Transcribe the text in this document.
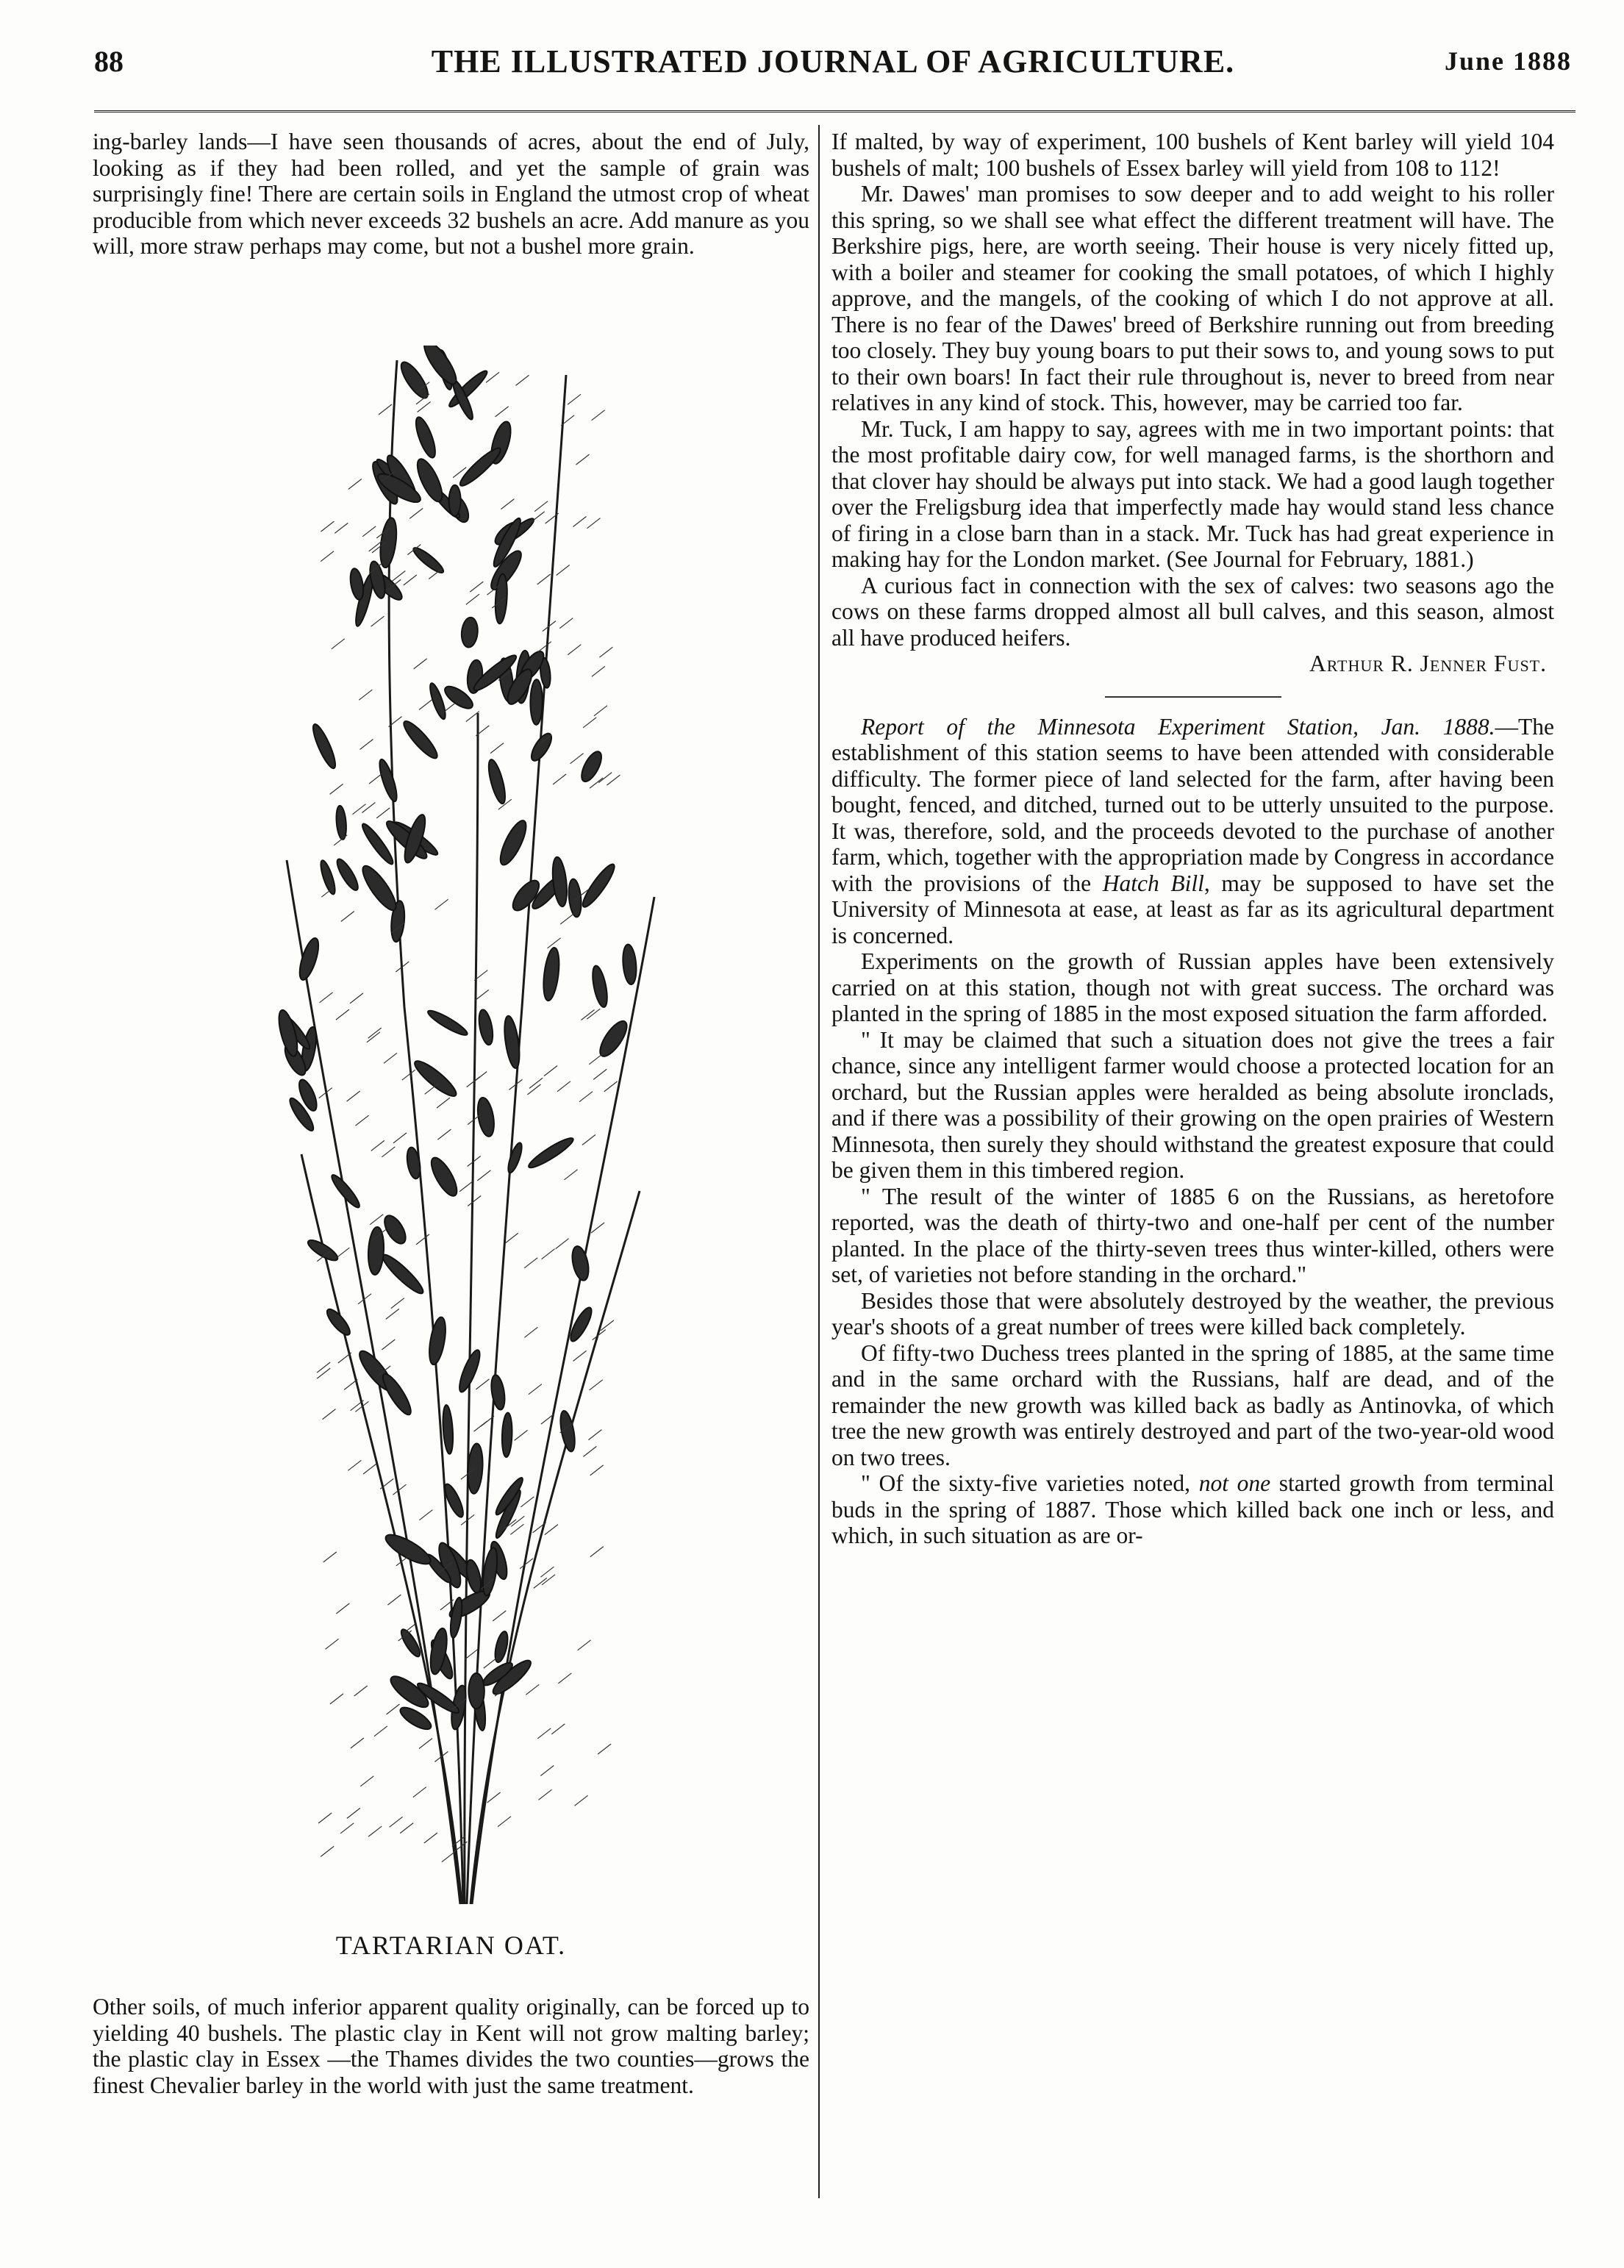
88	THE ILLUSTRATED JOURNAL OF AGRICULTURE.	June 1888

ing-barley lands—I have seen thousands of acres, about the end of July, looking as if they had been rolled, and yet the sample of grain was surprisingly fine! There are certain soils in England the utmost crop of wheat producible from which never exceeds 32 bushels an acre. Add manure as you will, more straw perhaps may come, but not a bushel more grain.

TARTARIAN OAT.

Other soils, of much inferior apparent quality originally, can be forced up to yielding 40 bushels. The plastic clay in Kent will not grow malting barley; the plastic clay in Essex —the Thames divides the two counties—grows the finest Chevalier barley in the world with just the same treatment.

If malted, by way of experiment, 100 bushels of Kent barley will yield 104 bushels of malt; 100 bushels of Essex barley will yield from 108 to 112!

Mr. Dawes' man promises to sow deeper and to add weight to his roller this spring, so we shall see what effect the different treatment will have. The Berkshire pigs, here, are worth seeing. Their house is very nicely fitted up, with a boiler and steamer for cooking the small potatoes, of which I highly approve, and the mangels, of the cooking of which I do not approve at all. There is no fear of the Dawes' breed of Berkshire running out from breeding too closely. They buy young boars to put their sows to, and young sows to put to their own boars! In fact their rule throughout is, never to breed from near relatives in any kind of stock. This, however, may be carried too far.

Mr. Tuck, I am happy to say, agrees with me in two important points: that the most profitable dairy cow, for well managed farms, is the shorthorn and that clover hay should be always put into stack. We had a good laugh together over the Freligsburg idea that imperfectly made hay would stand less chance of firing in a close barn than in a stack. Mr. Tuck has had great experience in making hay for the London market. (See Journal for February, 1881.)

A curious fact in connection with the sex of calves: two seasons ago the cows on these farms dropped almost all bull calves, and this season, almost all have produced heifers.

Arthur R. Jenner Fust.

Report of the Minnesota Experiment Station, Jan. 1888.—The establishment of this station seems to have been attended with considerable difficulty. The former piece of land selected for the farm, after having been bought, fenced, and ditched, turned out to be utterly unsuited to the purpose. It was, therefore, sold, and the proceeds devoted to the purchase of another farm, which, together with the appropriation made by Congress in accordance with the provisions of the Hatch Bill, may be supposed to have set the University of Minnesota at ease, at least as far as its agricultural department is concerned.

Experiments on the growth of Russian apples have been extensively carried on at this station, though not with great success. The orchard was planted in the spring of 1885 in the most exposed situation the farm afforded.

" It may be claimed that such a situation does not give the trees a fair chance, since any intelligent farmer would choose a protected location for an orchard, but the Russian apples were heralded as being absolute ironclads, and if there was a possibility of their growing on the open prairies of Western Minnesota, then surely they should withstand the greatest exposure that could be given them in this timbered region.

" The result of the winter of 1885 6 on the Russians, as heretofore reported, was the death of thirty-two and one-half per cent of the number planted. In the place of the thirty-seven trees thus winter-killed, others were set, of varieties not before standing in the orchard."

Besides those that were absolutely destroyed by the weather, the previous year's shoots of a great number of trees were killed back completely.

Of fifty-two Duchess trees planted in the spring of 1885, at the same time and in the same orchard with the Russians, half are dead, and of the remainder the new growth was killed back as badly as Antinovka, of which tree the new growth was entirely destroyed and part of the two-year-old wood on two trees.

" Of the sixty-five varieties noted, not one started growth from terminal buds in the spring of 1887. Those which killed back one inch or less, and which, in such situation as are or-
